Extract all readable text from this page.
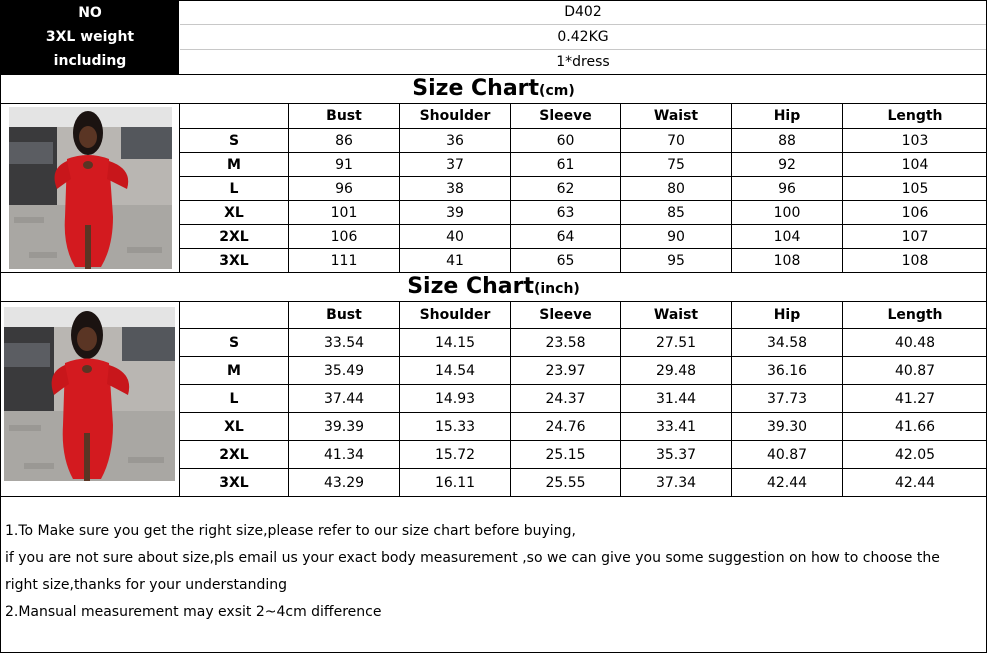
NO	D402
3XL weight	0.42KG
including	1*dress
Size Chart(cm)
	Bust	Shoulder	Sleeve	Waist	Hip	Length
S	86	36	60	70	88	103
M	91	37	61	75	92	104
L	96	38	62	80	96	105
XL	101	39	63	85	100	106
2XL	106	40	64	90	104	107
3XL	111	41	65	95	108	108
Size Chart(inch)
	Bust	Shoulder	Sleeve	Waist	Hip	Length
S	33.54	14.15	23.58	27.51	34.58	40.48
M	35.49	14.54	23.97	29.48	36.16	40.87
L	37.44	14.93	24.37	31.44	37.73	41.27
XL	39.39	15.33	24.76	33.41	39.30	41.66
2XL	41.34	15.72	25.15	35.37	40.87	42.05
3XL	43.29	16.11	25.55	37.34	42.44	42.44
1.To Make sure you get the right size,please refer to our size chart before buying,
if you are not sure about size,pls email us your exact body measurement ,so we can give you some suggestion on how to choose the
right size,thanks for your understanding
2.Mansual measurement may exsit 2~4cm difference
